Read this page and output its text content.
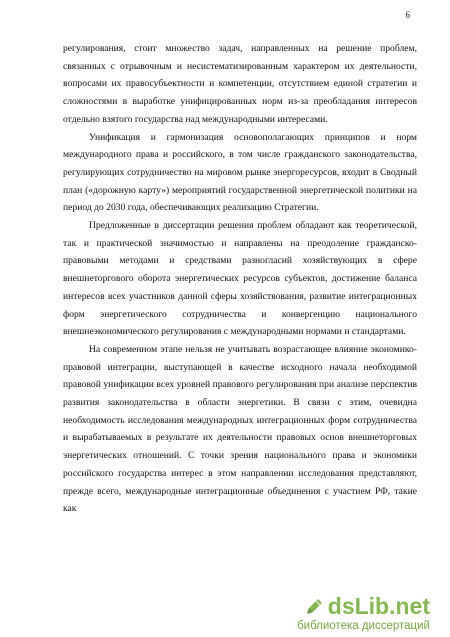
6

регулирования, стоит множество задач, направленных на решение проблем, связанных с отрывочным и несистематизированным характером их деятельности, вопросами их правосубъектности и компетенции, отсутствием единой стратегии и сложностями в выработке унифицированных норм из-за преобладания интересов отдельно взятого государства над международными интересами.

Унификация и гармонизация основополагающих принципов и норм международного права и российского, в том числе гражданского законодательства, регулирующих сотрудничество на мировом рынке энергоресурсов, входит в Сводный план («дорожную карту») мероприятий государственной энергетической политики на период до 2030 года, обеспечивающих реализацию Стратегии.

Предложенные в диссертации решения проблем обладают как теоретической, так и практической значимостью и направлены на преодоление гражданско-правовыми методами и средствами разногласий хозяйствующих в сфере внешнеторгового оборота энергетических ресурсов субъектов, достижение баланса интересов всех участников данной сферы хозяйствования, развитие интеграционных форм энергетического сотрудничества и конвергенцию национального внешнеэкономического регулирования с международными нормами и стандартами.

На современном этапе нельзя не учитывать возрастающее влияние экономико-правовой интеграции, выступающей в качестве исходного начала необходимой правовой унификации всех уровней правового регулирования при анализе перспектив развития законодательства в области энергетики. В связи с этим, очевидна необходимость исследования международных интеграционных форм сотрудничества и вырабатываемых в результате их деятельности правовых основ внешнеторговых энергетических отношений. С точки зрения национального права и экономики российского государства интерес в этом направлении исследования представляют, прежде всего, международные интеграционные объединения с участием РФ, такие как

dsLib.net
библиотека диссертаций
